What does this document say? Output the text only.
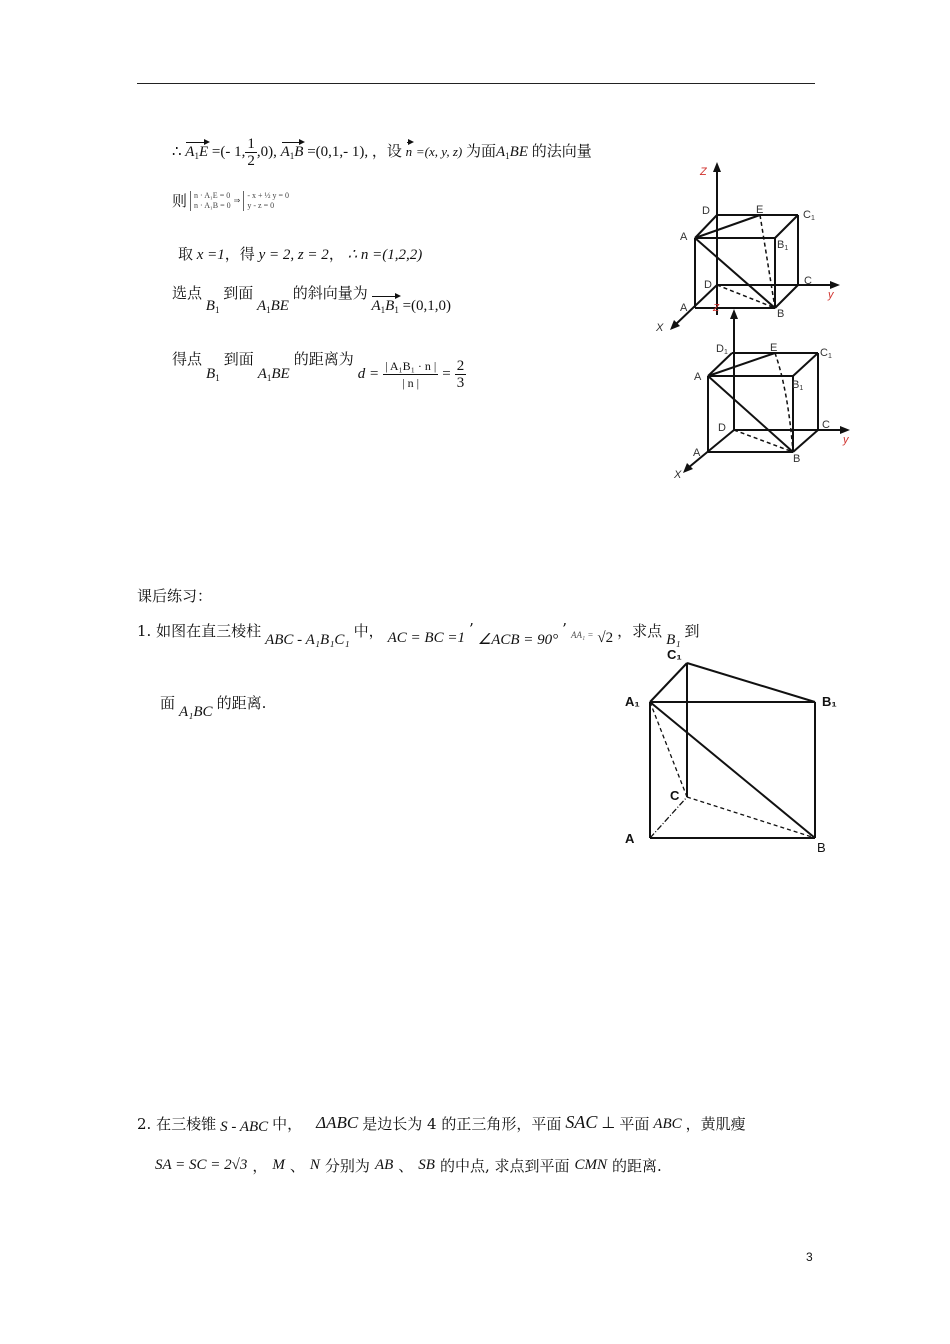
∴ $A_1E$ =(- 1, $\frac{1}{2} ,0$), $A_1B =(0,1,-$ 1), ，设 n =(x, y, z) 为面$A_1BE$ 的法向量
则 n · A₁E = 0
n · A₁B = 0
⇒
- x + ½ y = 0
y - z = 0
取 x =1，得 y = 2, z = 2， ∴ n =(1,2,2)
选点 $B_1$ 到面 $A_1BE$ 的斜向量为 $A_1B_1 =(0,1,0)$
得点
$B_1$
到面
$A_1BE$
的距离为
$d = \frac{\text{| A₁B₁ · n |}}{| n |} = \frac{2}{3}$
Z
D	E	C1
A
B1
D	C
A	B
X
y
Z
D1	E	C1
A
B1
D	C
A	B
X
y
课后练习：
1. 如图在直三棱柱 ABC - A₁B₁C₁ 中， AC = BC =1 ’
∠ACB = 90°
’ AA₁ = √2 ，求点 B₁ 到
面 A₁BC 的距离.
C₁
A₁	B₁
C
A
B
2. 在三棱锥 S - ABC 中， ΔABC 是边长为 4 的正三角形，平面 SAC ⊥ 平面 ABC ，黄肌瘦
SA = SC = 2√3 ， M 、 N 分别为 AB 、 SB 的中点, 求点到平面 CMN 的距离.
3
